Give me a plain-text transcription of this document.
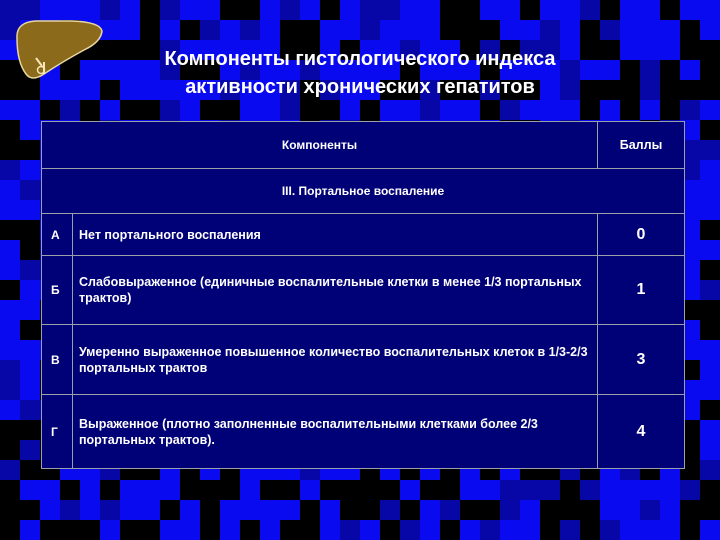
Компоненты гистологического индекса
активности хронических гепатитов
Компоненты		Баллы
III. Портальное воспаление		
А	Нет портального воспаления	0
Б	Слабовыраженное (единичные воспалительные клетки в менее 1/3 портальных трактов)	1
В	Умеренно выраженное повышенное количество воспалительных клеток в 1/3-2/3 портальных трактов	3
Г	Выраженное (плотно заполненные воспалительными клетками более 2/3 портальных трактов).	4
